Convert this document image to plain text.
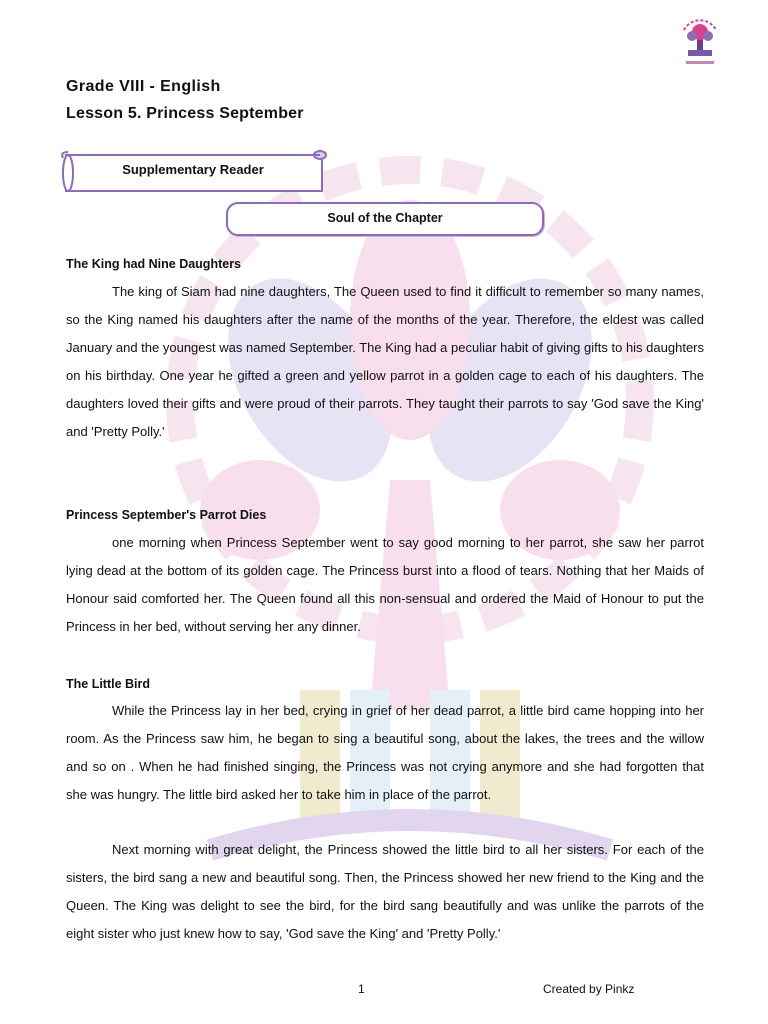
Grade VIII - English
Lesson 5. Princess September
Supplementary Reader
Soul of the Chapter
The King had Nine Daughters

The king of Siam had nine daughters, The Queen used to find it difficult to remember so many names, so the King named his daughters after the name of the months of the year. Therefore, the eldest was called January and the youngest was named September. The King had a peculiar habit of giving gifts to his daughters on his birthday. One year he gifted a green and yellow parrot in a golden cage to each of his daughters. The daughters loved their gifts and were proud of their parrots. They taught their parrots to say 'God save the King' and 'Pretty Polly.'

Princess September's Parrot Dies

one morning when Princess September went to say good morning to her parrot, she saw her parrot lying dead at the bottom of its golden cage. The Princess burst into a flood of tears. Nothing that her Maids of Honour said comforted her. The Queen found all this non-sensual and ordered the Maid of Honour to put the Princess in her bed, without serving her any dinner.

The Little Bird

While the Princess lay in her bed, crying in grief of her dead parrot, a little bird came hopping into her room. As the Princess saw him, he began to sing a beautiful song, about the lakes, the trees and the willow and so on . When he had finished singing, the Princess was not crying anymore and she had forgotten that she was hungry. The little bird asked her to take him in place of the parrot.

Next morning with great delight, the Princess showed the little bird to all her sisters. For each of the sisters, the bird sang a new and beautiful song. Then, the Princess showed her new friend to the King and the Queen. The King was delight to see the bird, for the bird sang beautifully and was unlike the parrots of the eight sister who just knew how to say, 'God save the King' and 'Pretty Polly.'

1	Created by Pinkz
